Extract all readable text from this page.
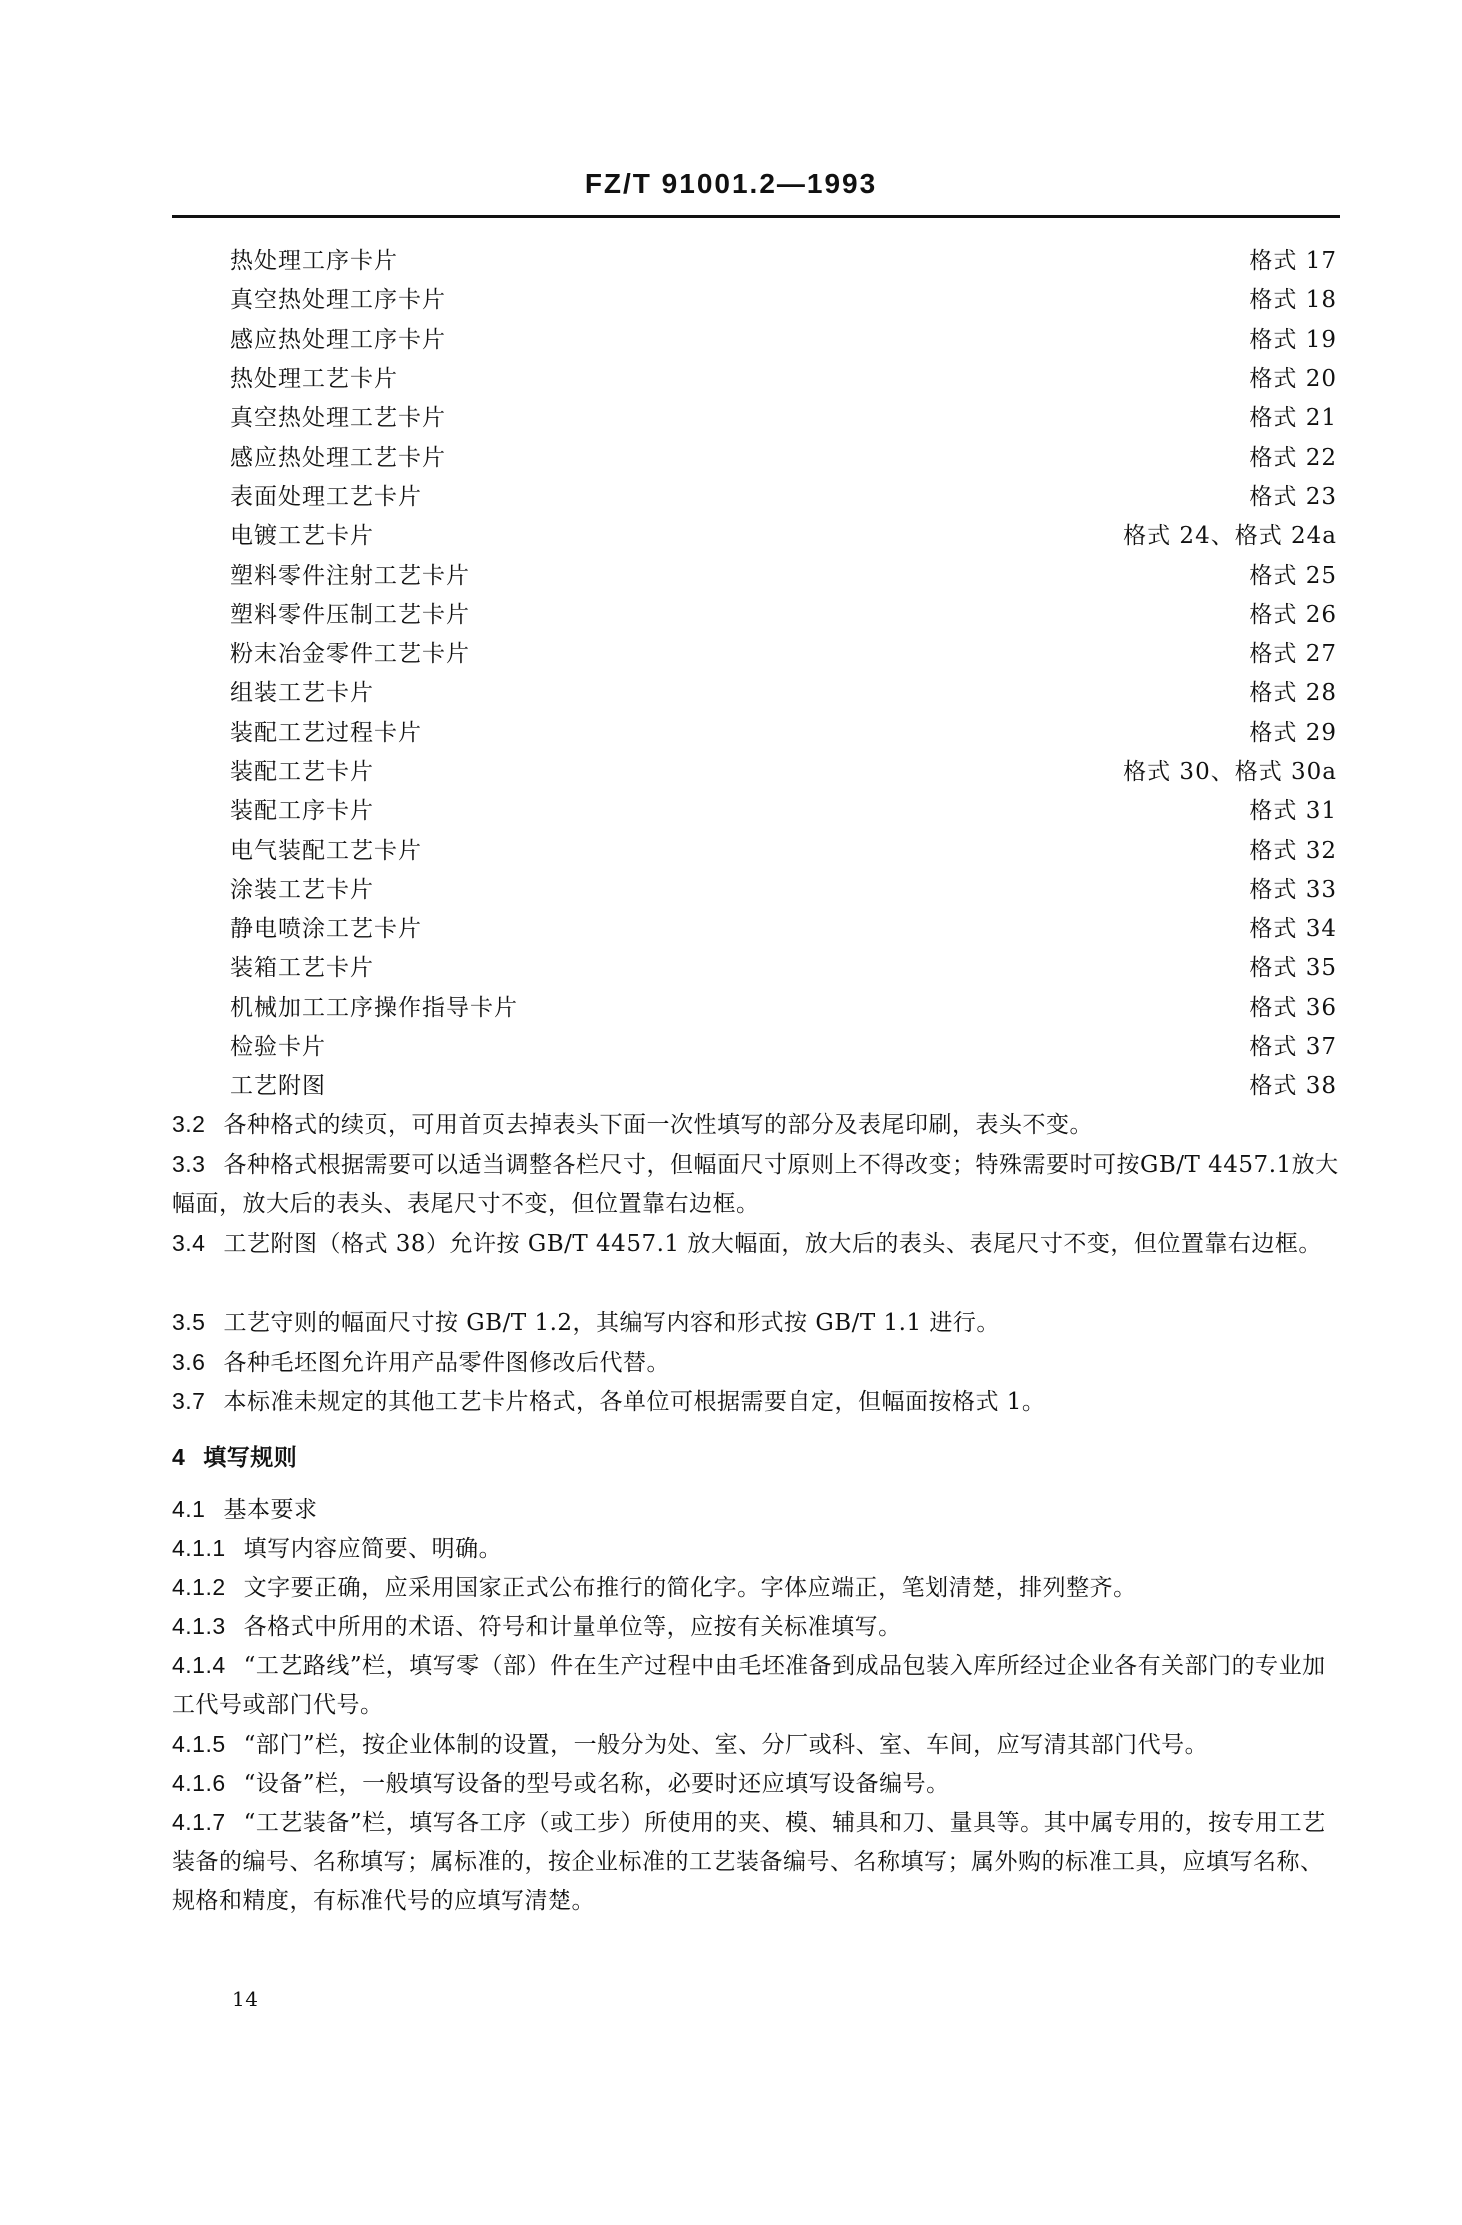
FZ/T 91001.2—1993
热处理工序卡片	格式 17
真空热处理工序卡片	格式 18
感应热处理工序卡片	格式 19
热处理工艺卡片	格式 20
真空热处理工艺卡片	格式 21
感应热处理工艺卡片	格式 22
表面处理工艺卡片	格式 23
电镀工艺卡片	格式 24、格式 24a
塑料零件注射工艺卡片	格式 25
塑料零件压制工艺卡片	格式 26
粉末冶金零件工艺卡片	格式 27
组装工艺卡片	格式 28
装配工艺过程卡片	格式 29
装配工艺卡片	格式 30、格式 30a
装配工序卡片	格式 31
电气装配工艺卡片	格式 32
涂装工艺卡片	格式 33
静电喷涂工艺卡片	格式 34
装箱工艺卡片	格式 35
机械加工工序操作指导卡片	格式 36
检验卡片	格式 37
工艺附图	格式 38

3.2 各种格式的续页，可用首页去掉表头下面一次性填写的部分及表尾印刷，表头不变。

3.3 各种格式根据需要可以适当调整各栏尺寸，但幅面尺寸原则上不得改变；特殊需要时可按GB/T 4457.1放大幅面，放大后的表头、表尾尺寸不变，但位置靠右边框。

3.4 工艺附图（格式 38）允许按 GB/T 4457.1 放大幅面，放大后的表头、表尾尺寸不变，但位置靠右边框。

3.5 工艺守则的幅面尺寸按 GB/T 1.2，其编写内容和形式按 GB/T 1.1 进行。

3.6 各种毛坯图允许用产品零件图修改后代替。

3.7 本标准未规定的其他工艺卡片格式，各单位可根据需要自定，但幅面按格式 1。

4 填写规则

4.1 基本要求

4.1.1 填写内容应简要、明确。

4.1.2 文字要正确，应采用国家正式公布推行的简化字。字体应端正，笔划清楚，排列整齐。

4.1.3 各格式中所用的术语、符号和计量单位等，应按有关标准填写。

4.1.4 “工艺路线”栏，填写零（部）件在生产过程中由毛坯准备到成品包装入库所经过企业各有关部门的专业加工代号或部门代号。

4.1.5 “部门”栏，按企业体制的设置，一般分为处、室、分厂或科、室、车间，应写清其部门代号。

4.1.6 “设备”栏，一般填写设备的型号或名称，必要时还应填写设备编号。

4.1.7 “工艺装备”栏，填写各工序（或工步）所使用的夹、模、辅具和刀、量具等。其中属专用的，按专用工艺装备的编号、名称填写；属标准的，按企业标准的工艺装备编号、名称填写；属外购的标准工具，应填写名称、规格和精度，有标准代号的应填写清楚。

14
